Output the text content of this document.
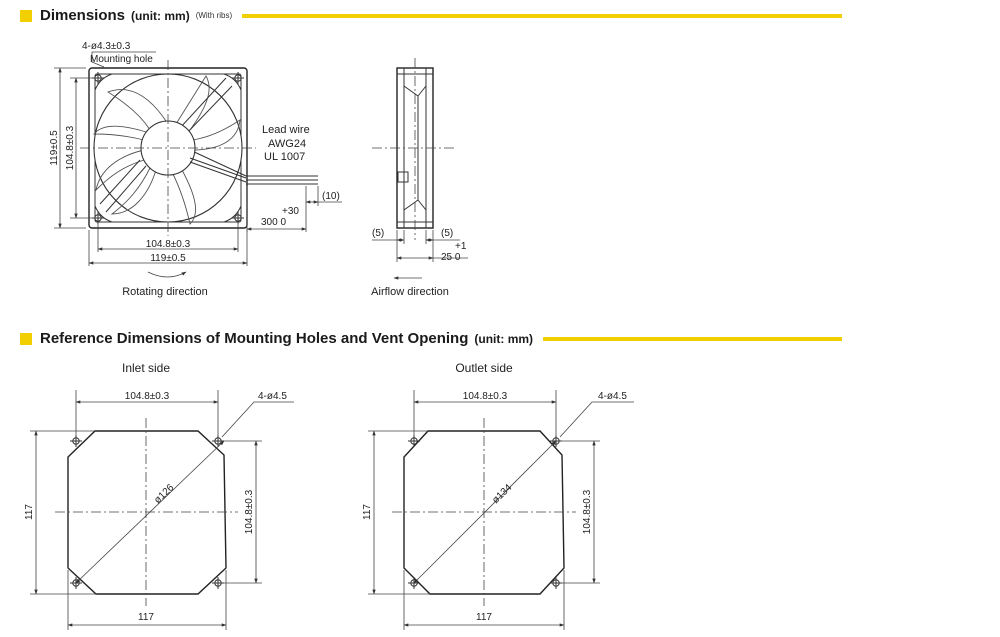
Dimensions (unit: mm) (With ribs)
Reference Dimensions of Mounting Holes and Vent Opening (unit: mm)
4-ø4.3±0.3
Mounting hole
119±0.5 104.8±0.3
104.8±0.3
119±0.5
Rotating direction
Lead wire
AWG24
UL 1007
+30
300 0
(10)
(5)	(5)
+1
25 0
Airflow direction
Inlet side
ø126
104.8±0.3	4-ø4.5
104.8±0.3
117
117
Outlet side
ø134
104.8±0.3	4-ø4.5
104.8±0.3
117
117
